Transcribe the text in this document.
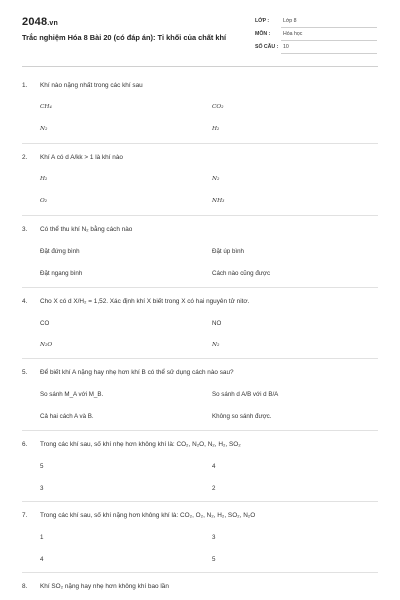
2048.vn
Trắc nghiệm Hóa 8 Bài 20 (có đáp án): Tỉ khối của chất khí
LỚP :	Lớp 8
MÔN : Hóa học
SỐ CÂU : 10
1. Khí nào nặng nhất trong các khí sau
CH₄	CO₂
N₂	H₂
2. Khí A có d A/kk > 1 là khí nào
H₂	N₂
O₂	NH₃
3. Có thể thu khí N₂ bằng cách nào
Đặt đứng bình	Đặt úp bình
Đặt ngang bình	Cách nào cũng được
4. Cho X có d X/H₂ = 1,52. Xác định khí X biết trong X có hai nguyên tử nitơ.
CO	NO
N₂O	N₂
5. Để biết khí A nặng hay nhẹ hơn khí B có thể sử dụng cách nào sau?
So sánh M_A với M_B.	So sánh d A/B với d B/A
Cả hai cách A và B.	Không so sánh được.
6. Trong các khí sau, số khí nhẹ hơn không khí là: CO₂, N₂O, N₂, H₂, SO₂
5	4
3	2
7. Trong các khí sau, số khí nặng hơn không khí là: CO₂, O₂, N₂, H₂, SO₂, N₂O
1	3
4	5
8. Khí SO₂ nặng hay nhẹ hơn không khí bao lần
